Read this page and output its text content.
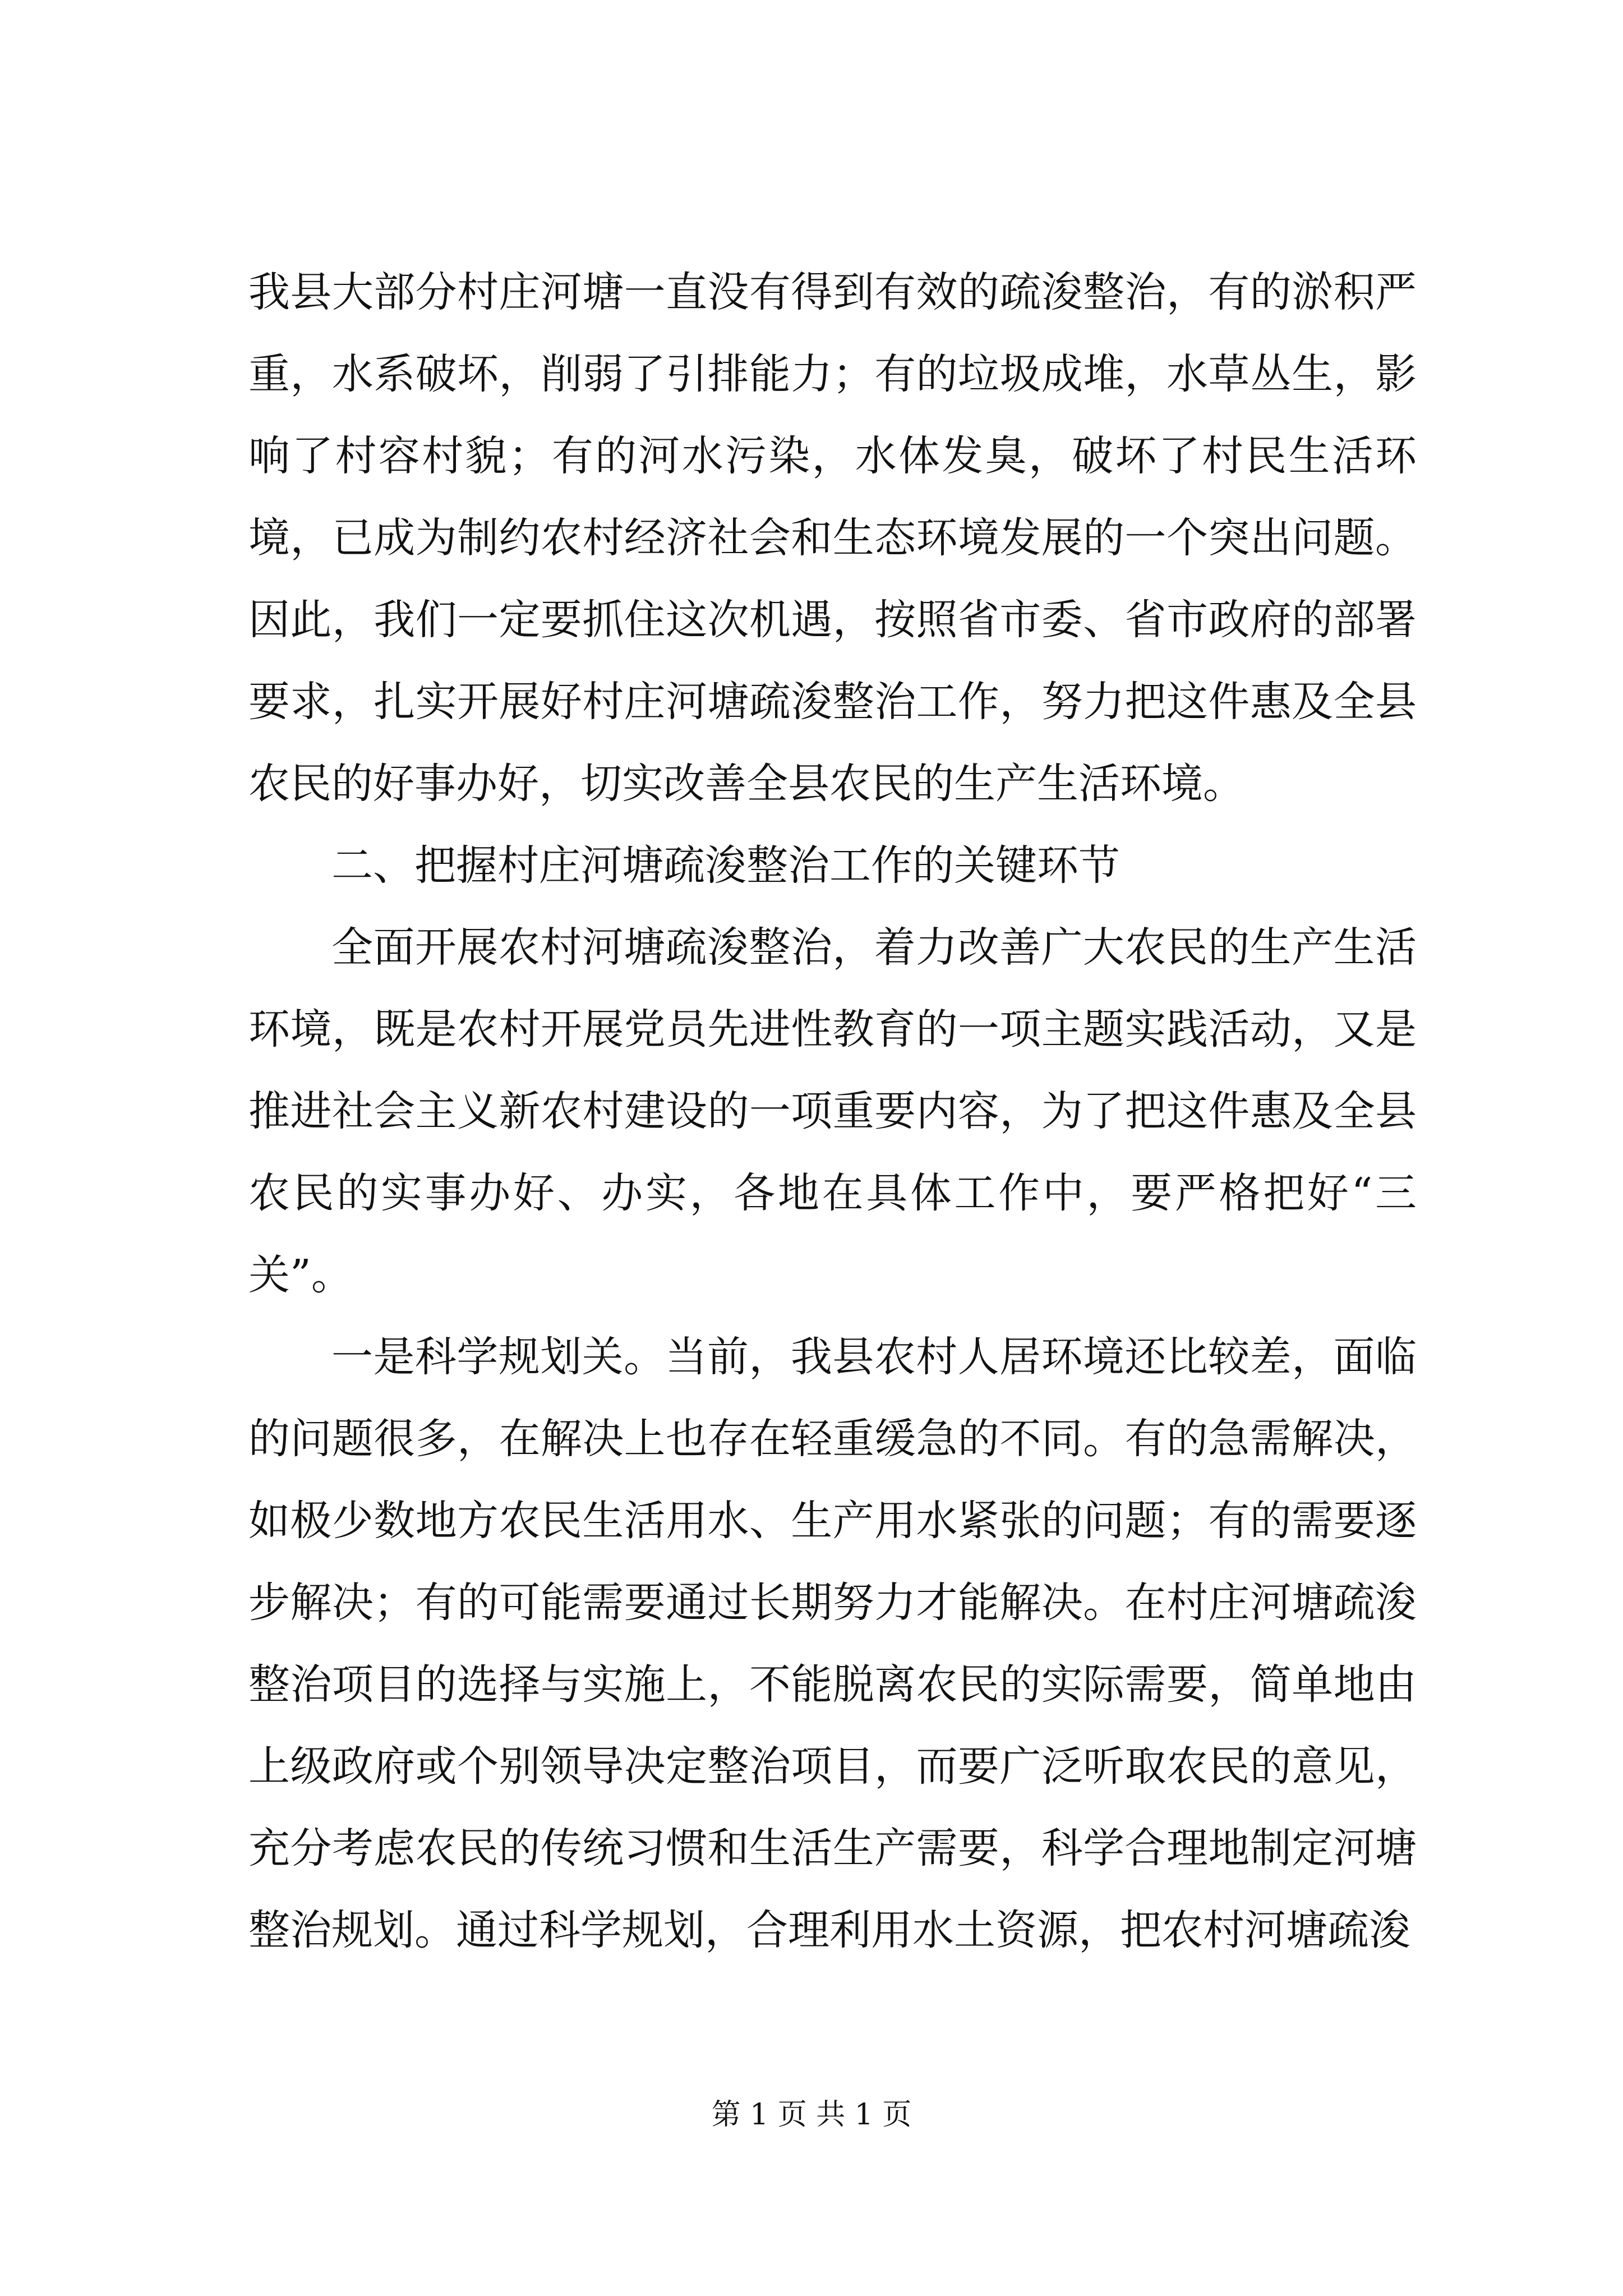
我县大部分村庄河塘一直没有得到有效的疏浚整治，有的淤积严重，水系破坏，削弱了引排能力；有的垃圾成堆，水草丛生，影响了村容村貌；有的河水污染，水体发臭，破坏了村民生活环境，已成为制约农村经济社会和生态环境发展的一个突出问题。因此，我们一定要抓住这次机遇，按照省市委、省市政府的部署要求，扎实开展好村庄河塘疏浚整治工作，努力把这件惠及全县农民的好事办好，切实改善全县农民的生产生活环境。

二、把握村庄河塘疏浚整治工作的关键环节

全面开展农村河塘疏浚整治，着力改善广大农民的生产生活环境，既是农村开展党员先进性教育的一项主题实践活动，又是推进社会主义新农村建设的一项重要内容，为了把这件惠及全县农民的实事办好、办实，各地在具体工作中，要严格把好“三关”。

一是科学规划关。当前，我县农村人居环境还比较差，面临的问题很多，在解决上也存在轻重缓急的不同。有的急需解决，如极少数地方农民生活用水、生产用水紧张的问题；有的需要逐步解决；有的可能需要通过长期努力才能解决。在村庄河塘疏浚整治项目的选择与实施上，不能脱离农民的实际需要，简单地由上级政府或个别领导决定整治项目，而要广泛听取农民的意见，充分考虑农民的传统习惯和生活生产需要，科学合理地制定河塘整治规划。通过科学规划，合理利用水土资源，把农村河塘疏浚

第 1 页 共 1 页
